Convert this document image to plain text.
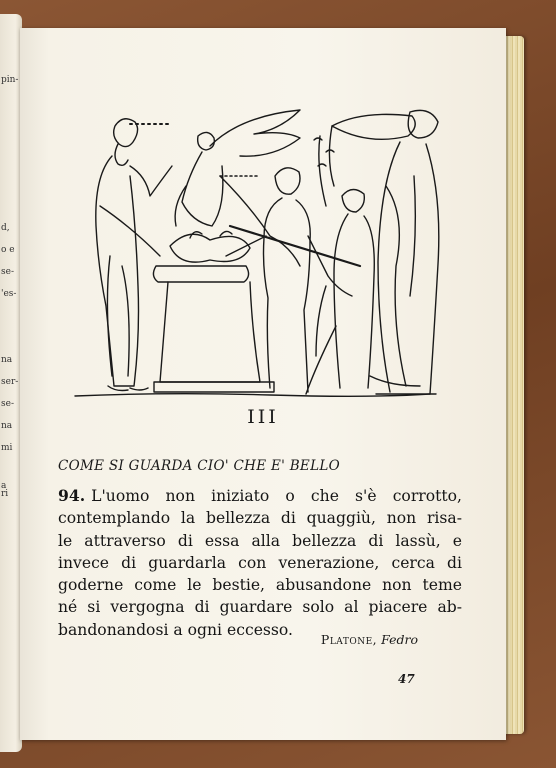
pin-
d,
o e
se-
'es-
na
ser-
se-
na
mi
a
ri
III
COME SI GUARDA CIO' CHE E' BELLO
94. L'uomo non iniziato o che s'è corrotto,
contemplando la bellezza di quaggiù, non risa-
le attraverso di essa alla bellezza di lassù, e
invece di guardarla con venerazione, cerca di
goderne come le bestie, abusandone non teme
né si vergogna di guardare solo al piacere ab-
bandonandosi a ogni eccesso.
Platone, Fedro
47
